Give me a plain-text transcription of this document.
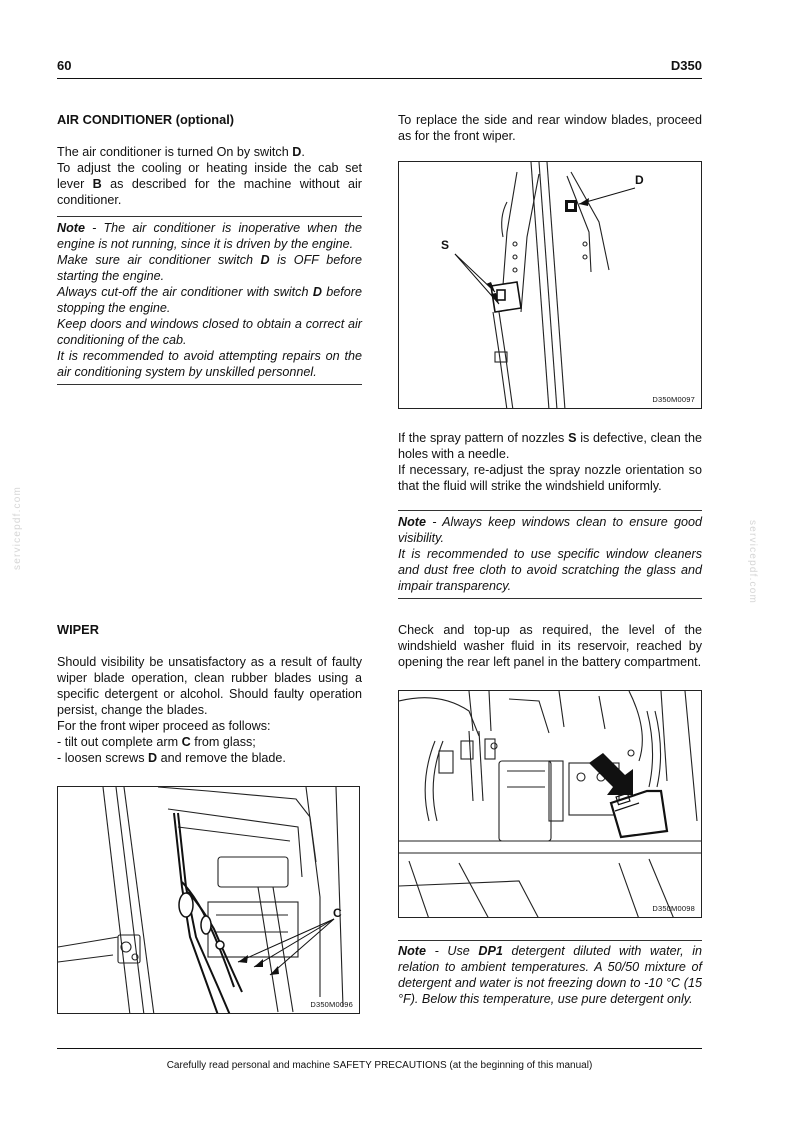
60	D350
servicepdf.com	servicepdf.com
AIR CONDITIONER (optional)
The air conditioner is turned On by switch D.
To adjust the cooling or heating inside the cab set lever B as described for the machine without air conditioner.
Note - The air conditioner is inoperative when the engine is not running, since it is driven by the engine.
Make sure air conditioner switch D is OFF before starting the engine.
Always cut-off the air conditioner with switch D before stopping the engine.
Keep doors and windows closed to obtain a correct air conditioning of the cab.
It is recommended to avoid attempting repairs on the air conditioning system by unskilled personnel.
WIPER
Should visibility be unsatisfactory as a result of faulty wiper blade operation, clean rubber blades using a specific detergent or alcohol. Should faulty operation persist, change the blades.
For the front wiper proceed as follows:
- tilt out complete arm C from glass;
- loosen screws D and remove the blade.
C
D350M0096
To replace the side and rear window blades, proceed as for the front wiper.
D
S
D350M0097
If the spray pattern of nozzles S is defective, clean the holes with a needle.
If necessary, re-adjust the spray nozzle orientation so that the fluid will strike the windshield uniformly.
Note - Always keep windows clean to ensure good visibility.
It is recommended to use specific window cleaners and dust free cloth to avoid scratching the glass and impair transparency.
Check and top-up as required, the level of the windshield washer fluid in its reservoir, reached by opening the rear left panel in the battery compartment.
D350M0098
Note - Use DP1 detergent diluted with water, in relation to ambient temperatures. A 50/50 mixture of detergent and water is not freezing down to -10 °C (15 °F). Below this temperature, use pure detergent only.
Carefully read personal and machine SAFETY PRECAUTIONS (at the beginning of this manual)
